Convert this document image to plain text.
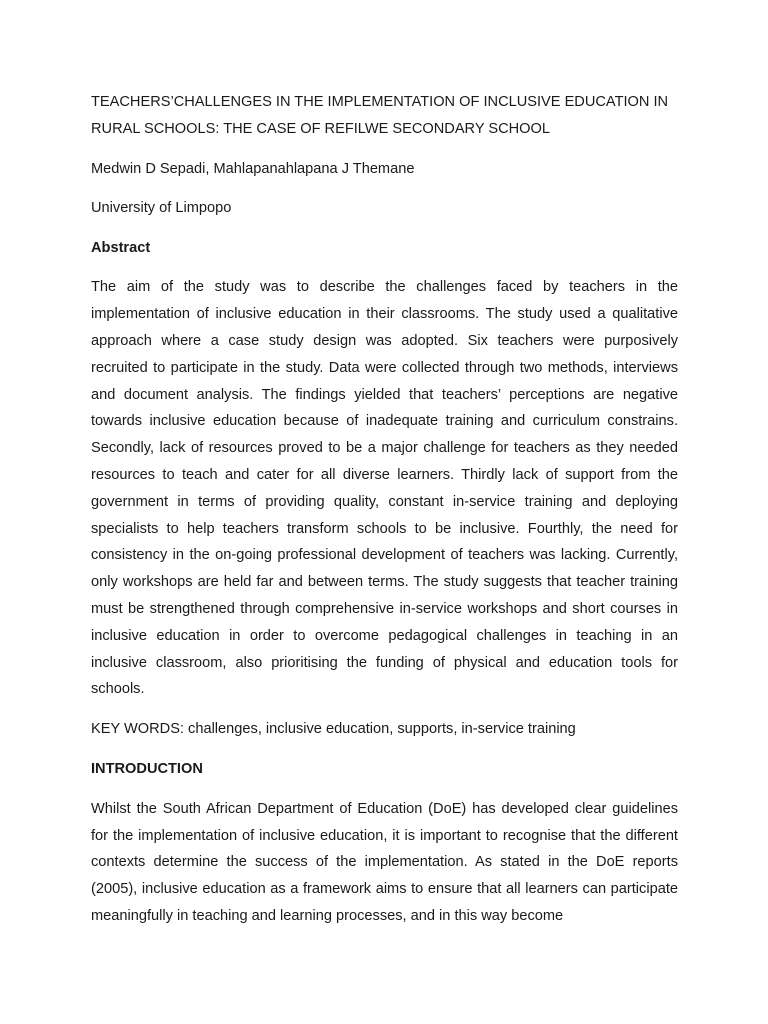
TEACHERS’CHALLENGES IN THE IMPLEMENTATION OF INCLUSIVE EDUCATION IN RURAL SCHOOLS: THE CASE OF REFILWE SECONDARY SCHOOL

Medwin D Sepadi, Mahlapanahlapana J Themane

University of Limpopo

Abstract

The aim of the study was to describe the challenges faced by teachers in the implementation of inclusive education in their classrooms. The study used a qualitative approach where a case study design was adopted. Six teachers were purposively recruited to participate in the study. Data were collected through two methods, interviews and document analysis. The findings yielded that teachers’ perceptions are negative towards inclusive education because of inadequate training and curriculum constrains. Secondly, lack of resources proved to be a major challenge for teachers as they needed resources to teach and cater for all diverse learners. Thirdly lack of support from the government in terms of providing quality, constant in-service training and deploying specialists to help teachers transform schools to be inclusive. Fourthly, the need for consistency in the on-going professional development of teachers was lacking. Currently, only workshops are held far and between terms. The study suggests that teacher training must be strengthened through comprehensive in-service workshops and short courses in inclusive education in order to overcome pedagogical challenges in teaching in an inclusive classroom, also prioritising the funding of physical and education tools for schools.

KEY WORDS: challenges, inclusive education, supports, in-service training

INTRODUCTION

Whilst the South African Department of Education (DoE) has developed clear guidelines for the implementation of inclusive education, it is important to recognise that the different contexts determine the success of the implementation. As stated in the DoE reports (2005), inclusive education as a framework aims to ensure that all learners can participate meaningfully in teaching and learning processes, and in this way become
